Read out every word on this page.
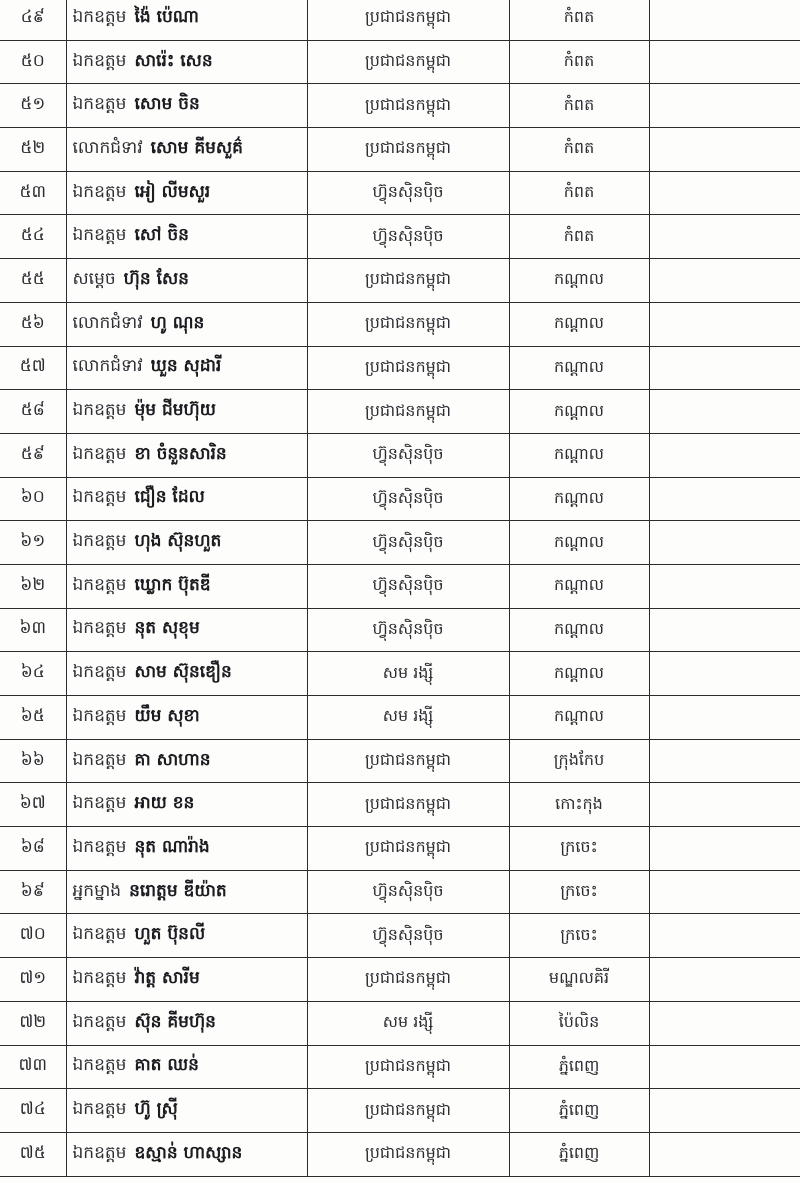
៤៩	ឯកឧត្តម ង៉ៃ ប៉េណា	ប្រជាជនកម្ពុជា	កំពត	
៥០	ឯកឧត្តម សារ៉េះ សេន	ប្រជាជនកម្ពុជា	កំពត	
៥១	ឯកឧត្តម សោម ចិន	ប្រជាជនកម្ពុជា	កំពត	
៥២	លោកជំទាវ សោម គីមសួគ៌	ប្រជាជនកម្ពុជា	កំពត	
៥៣	ឯកឧត្តម អៀ លីមសួរ	ហ៊្វុនស៊ិនប៉ិច	កំពត	
៥៤	ឯកឧត្តម សៅ ចិន	ហ៊្វុនស៊ិនប៉ិច	កំពត	
៥៥	សម្តេច ហ៊ុន សែន	ប្រជាជនកម្ពុជា	កណ្តាល	
៥៦	លោកជំទាវ ហូ ណុន	ប្រជាជនកម្ពុជា	កណ្តាល	
៥៧	លោកជំទាវ ឃួន សុដារី	ប្រជាជនកម្ពុជា	កណ្តាល	
៥៨	ឯកឧត្តម ម៉ុម ជីមហ៊ុយ	ប្រជាជនកម្ពុជា	កណ្តាល	
៥៩	ឯកឧត្តម ខា ចំនួនសារិន	ហ៊្វុនស៊ិនប៉ិច	កណ្តាល	
៦០	ឯកឧត្តម ជឿន ដែល	ហ៊្វុនស៊ិនប៉ិច	កណ្តាល	
៦១	ឯកឧត្តម ហុង ស៊ុនហួត	ហ៊្វុនស៊ិនប៉ិច	កណ្តាល	
៦២	ឯកឧត្តម ឃ្លោក ប៊ុតឌី	ហ៊្វុនស៊ិនប៉ិច	កណ្តាល	
៦៣	ឯកឧត្តម នុត សុខុម	ហ៊្វុនស៊ិនប៉ិច	កណ្តាល	
៦៤	ឯកឧត្តម សាម ស៊ុនឌឿន	សម រង្ស៊ី	កណ្តាល	
៦៥	ឯកឧត្តម យឹម សុខា	សម រង្ស៊ី	កណ្តាល	
៦៦	ឯកឧត្តម គា សាហាន	ប្រជាជនកម្ពុជា	ក្រុងកែប	
៦៧	ឯកឧត្តម អាយ ខន	ប្រជាជនកម្ពុជា	កោះកុង	
៦៨	ឯកឧត្តម នុត ណារ៉ាង	ប្រជាជនកម្ពុជា	ក្រចេះ	
៦៩	អ្នកម្នាង នរោត្តម ឌីយ៉ាត	ហ៊្វុនស៊ិនប៉ិច	ក្រចេះ	
៧០	ឯកឧត្តម ហួត ប៊ុនលី	ហ៊្វុនស៊ិនប៉ិច	ក្រចេះ	
៧១	ឯកឧត្តម វ៉ាត្ត សារីម	ប្រជាជនកម្ពុជា	មណ្ឌលគិរី	
៧២	ឯកឧត្តម ស៊ុន គីមហ៊ុន	សម រង្ស៊ី	ប៉ៃលិន	
៧៣	ឯកឧត្តម គាត ឈន់	ប្រជាជនកម្ពុជា	ភ្នំពេញ	
៧៤	ឯកឧត្តម ហ៊ូ ស្រ៊ី	ប្រជាជនកម្ពុជា	ភ្នំពេញ	
៧៥	ឯកឧត្តម ឧស្មាន់ ហាស្សាន	ប្រជាជនកម្ពុជា	ភ្នំពេញ	
